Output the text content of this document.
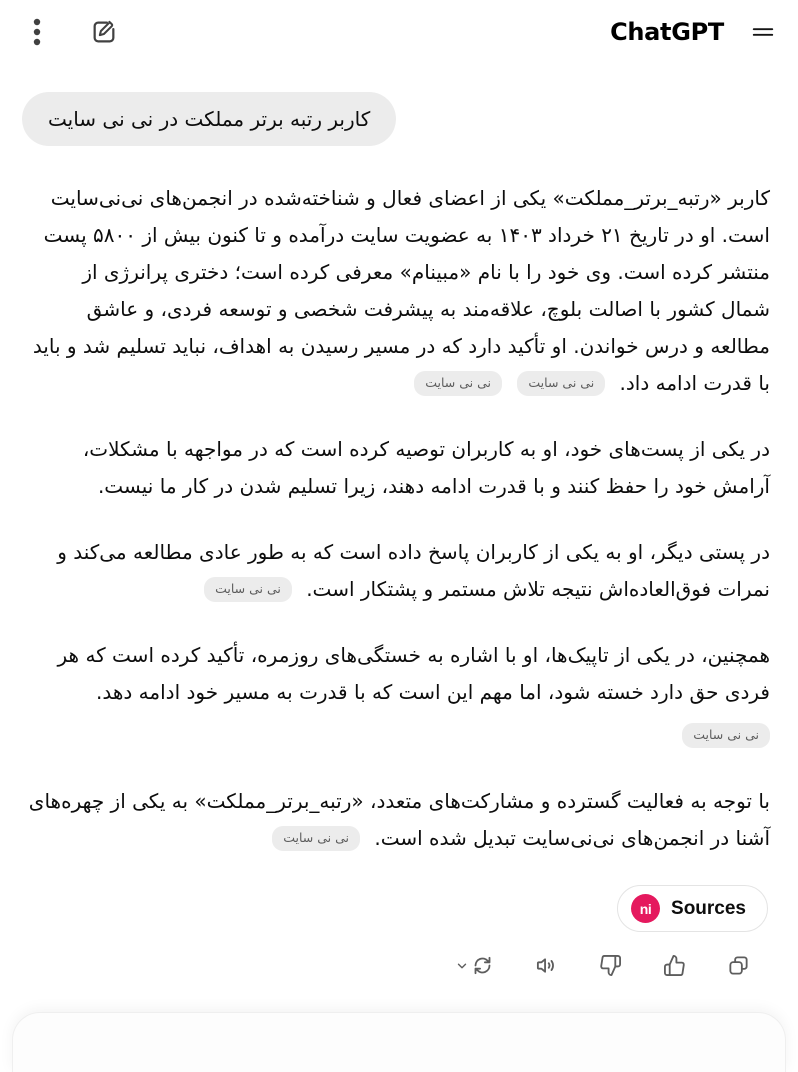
ChatGPT
کاربر رتبه برتر مملکت در نی نی سایت

کاربر «رتبه_برتر_مملکت» یکی از اعضای فعال و شناخته‌شده در انجمن‌های نی‌نی‌سایت است. او در تاریخ ۲۱ خرداد ۱۴۰۳ به عضویت سایت درآمده و تا کنون بیش از ۵۸۰۰ پست منتشر کرده است. وی خود را با نام «مبینام» معرفی کرده است؛ دختری پرانرژی از شمال کشور با اصالت بلوچ، علاقه‌مند به پیشرفت شخصی و توسعه فردی، و عاشق مطالعه و درس خواندن. او تأکید دارد که در مسیر رسیدن به اهداف، نباید تسلیم شد و باید با قدرت ادامه داد. نی نی سایت نی نی سایت

در یکی از پست‌های خود، او به کاربران توصیه کرده است که در مواجهه با مشکلات، آرامش خود را حفظ کنند و با قدرت ادامه دهند، زیرا تسلیم شدن در کار ما نیست.

در پستی دیگر، او به یکی از کاربران پاسخ داده است که به طور عادی مطالعه می‌کند و نمرات فوق‌العاده‌اش نتیجه تلاش مستمر و پشتکار است. نی نی سایت

همچنین، در یکی از تاپیک‌ها، او با اشاره به خستگی‌های روزمره، تأکید کرده است که هر فردی حق دارد خسته شود، اما مهم این است که با قدرت به مسیر خود ادامه دهد.
نی نی سایت

با توجه به فعالیت گسترده و مشارکت‌های متعدد، «رتبه_برتر_مملکت» به یکی از چهره‌های آشنا در انجمن‌های نی‌نی‌سایت تبدیل شده است. نی نی سایت

ni	Sources
